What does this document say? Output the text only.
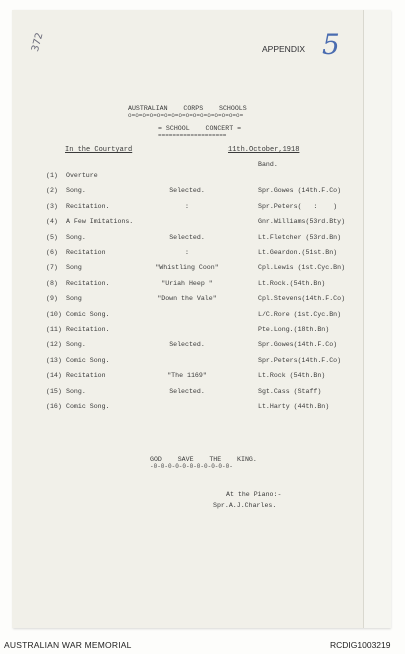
5
APPENDIX
372
AUSTRALIAN    CORPS    SCHOOLS
o=o=o=o=o=o=o=o=o=o=o=o=o=o=o=o=
= SCHOOL    CONCERT =
===================
In the Courtyard	11th.October,1918
Band.
(1) Overture
(2) Song.	Selected.	Spr.Gowes (14th.F.Co)
(3) Recitation.	:	Spr.Peters(   :    )
(4) A Few Imitations.	Gnr.Williams(53rd.Bty)
(5) Song.	Selected.	Lt.Fletcher (53rd.Bn)
(6) Recitation	:	Lt.Geardon.(51st.Bn)
(7) Song	"Whistling Coon"	Cpl.Lewis (1st.Cyc.Bn)
(8) Recitation.	"Uriah Heep "	Lt.Rock.(54th.Bn)
(9) Song	"Down the Vale"	Cpl.Stevens(14th.F.Co)
(10) Comic Song.	L/C.Rore (1st.Cyc.Bn)
(11) Recitation.	Pte.Long.(18th.Bn)
(12) Song.	Selected.	Spr.Gowes(14th.F.Co)
(13) Comic Song.	Spr.Peters(14th.F.Co)
(14) Recitation	"The 1169"	Lt.Rock (54th.Bn)
(15) Song.	Selected.	Sgt.Cass (Staff)
(16) Comic Song.	Lt.Harty (44th.Bn)
GOD    SAVE    THE    KING.
-0-0-0-0-0-0-0-0-0-0-0-
At the Piano:-
Spr.A.J.Charles.
AUSTRALIAN WAR MEMORIAL	RCDIG1003219
